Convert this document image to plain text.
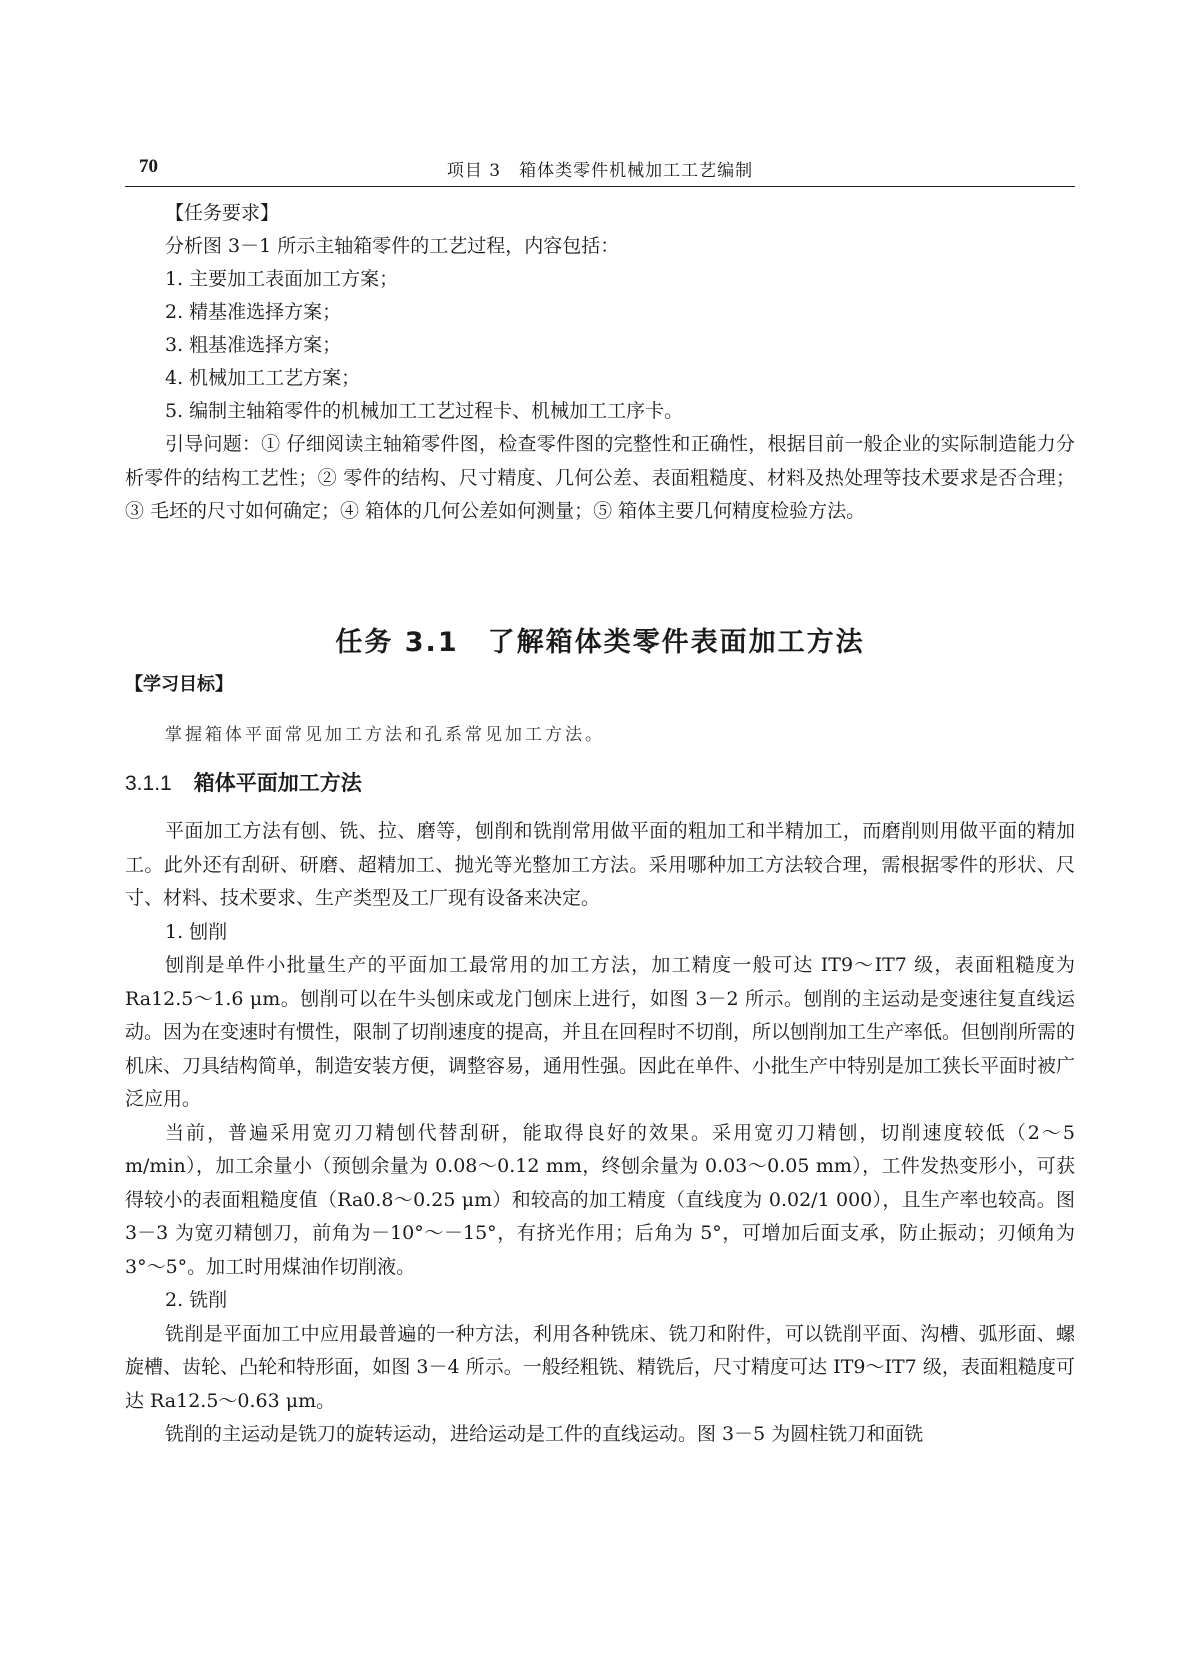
70	项目 3　箱体类零件机械加工工艺编制
【任务要求】
分析图 3－1 所示主轴箱零件的工艺过程，内容包括：
1. 主要加工表面加工方案；
2. 精基准选择方案；
3. 粗基准选择方案；
4. 机械加工工艺方案；
5. 编制主轴箱零件的机械加工工艺过程卡、机械加工工序卡。

引导问题：① 仔细阅读主轴箱零件图，检查零件图的完整性和正确性，根据目前一般企业的实际制造能力分析零件的结构工艺性；② 零件的结构、尺寸精度、几何公差、表面粗糙度、材料及热处理等技术要求是否合理；③ 毛坯的尺寸如何确定；④ 箱体的几何公差如何测量；⑤ 箱体主要几何精度检验方法。

任务 3.1　了解箱体类零件表面加工方法
【学习目标】
掌握箱体平面常见加工方法和孔系常见加工方法。
3.1.1 箱体平面加工方法

平面加工方法有刨、铣、拉、磨等，刨削和铣削常用做平面的粗加工和半精加工，而磨削则用做平面的精加工。此外还有刮研、研磨、超精加工、抛光等光整加工方法。采用哪种加工方法较合理，需根据零件的形状、尺寸、材料、技术要求、生产类型及工厂现有设备来决定。

1. 刨削

刨削是单件小批量生产的平面加工最常用的加工方法，加工精度一般可达 IT9～IT7 级，表面粗糙度为 Ra12.5～1.6 μm。刨削可以在牛头刨床或龙门刨床上进行，如图 3－2 所示。刨削的主运动是变速往复直线运动。因为在变速时有惯性，限制了切削速度的提高，并且在回程时不切削，所以刨削加工生产率低。但刨削所需的机床、刀具结构简单，制造安装方便，调整容易，通用性强。因此在单件、小批生产中特别是加工狭长平面时被广泛应用。

当前，普遍采用宽刃刀精刨代替刮研，能取得良好的效果。采用宽刃刀精刨，切削速度较低（2～5 m/min），加工余量小（预刨余量为 0.08～0.12 mm，终刨余量为 0.03～0.05 mm），工件发热变形小，可获得较小的表面粗糙度值（Ra0.8～0.25 μm）和较高的加工精度（直线度为 0.02/1 000），且生产率也较高。图 3－3 为宽刃精刨刀，前角为－10°～－15°，有挤光作用；后角为 5°，可增加后面支承，防止振动；刃倾角为 3°～5°。加工时用煤油作切削液。

2. 铣削

铣削是平面加工中应用最普遍的一种方法，利用各种铣床、铣刀和附件，可以铣削平面、沟槽、弧形面、螺旋槽、齿轮、凸轮和特形面，如图 3－4 所示。一般经粗铣、精铣后，尺寸精度可达 IT9～IT7 级，表面粗糙度可达 Ra12.5～0.63 μm。

铣削的主运动是铣刀的旋转运动，进给运动是工件的直线运动。图 3－5 为圆柱铣刀和面铣
